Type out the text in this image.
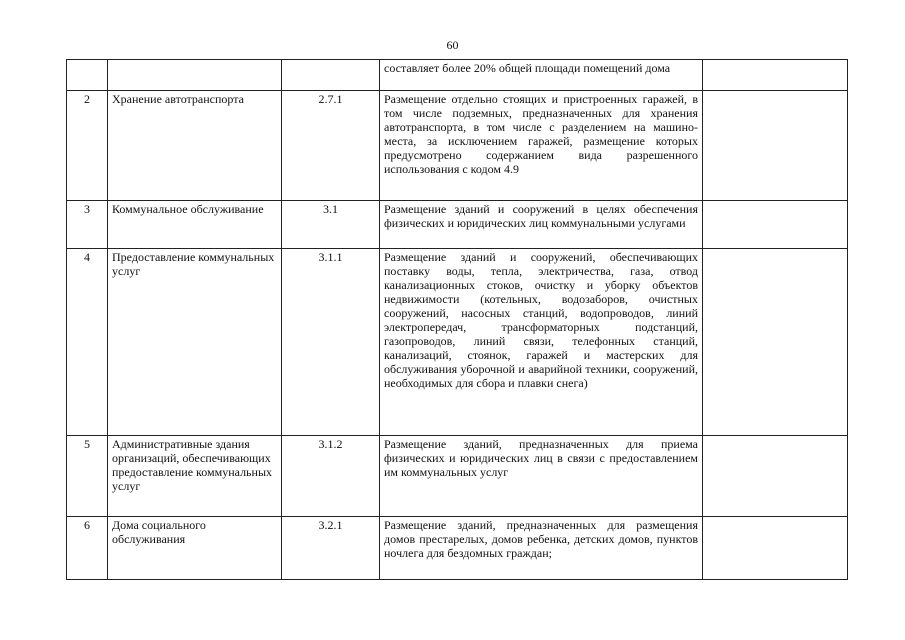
60
			составляет более 20% общей площади помещений дома	
2	Хранение автотранспорта	2.7.1	Размещение отдельно стоящих и пристроенных гаражей, в том числе подземных, предназначенных для хранения автотранспорта, в том числе с разделением на машино-места, за исключением гаражей, размещение которых предусмотрено содержанием вида разрешенного использования с кодом 4.9	
3	Коммунальное обслуживание	3.1	Размещение зданий и сооружений в целях обеспечения физических и юридических лиц коммунальными услугами	
4	Предоставление коммунальных услуг	3.1.1	Размещение зданий и сооружений, обеспечивающих поставку воды, тепла, электричества, газа, отвод канализационных стоков, очистку и уборку объектов недвижимости (котельных, водозаборов, очистных сооружений, насосных станций, водопроводов, линий электропередач, трансформаторных подстанций, газопроводов, линий связи, телефонных станций, канализаций, стоянок, гаражей и мастерских для обслуживания уборочной и аварийной техники, сооружений, необходимых для сбора и плавки снега)	
5	Административные здания организаций, обеспечивающих предоставление коммунальных услуг	3.1.2	Размещение зданий, предназначенных для приема физических и юридических лиц в связи с предоставлением им коммунальных услуг	
6	Дома социального обслуживания	3.2.1	Размещение зданий, предназначенных для размещения домов престарелых, домов ребенка, детских домов, пунктов ночлега для бездомных граждан;	
